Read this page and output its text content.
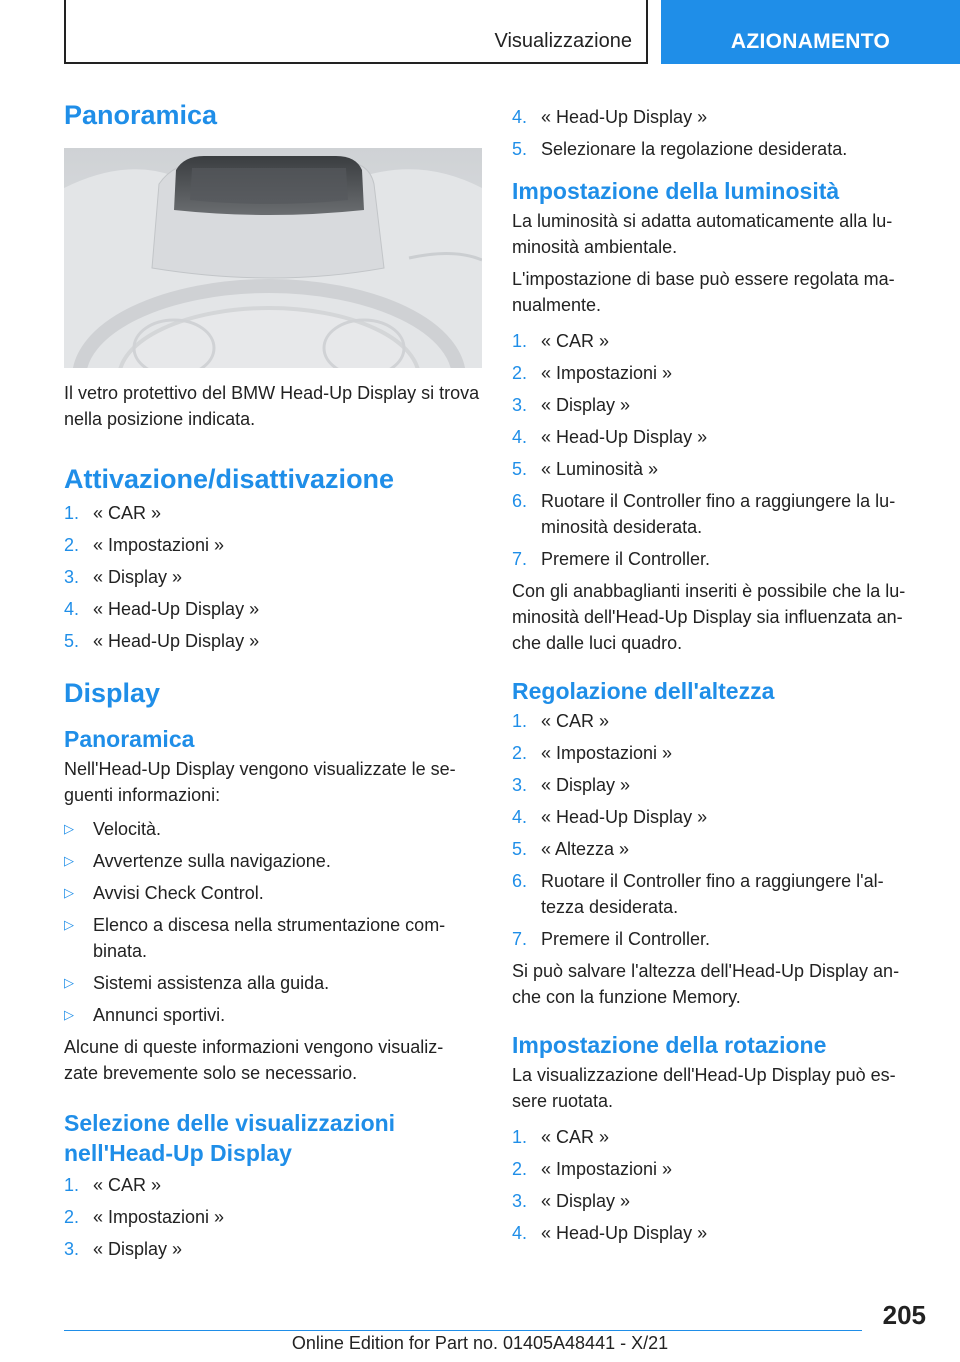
Visualizzazione	AZIONAMENTO
Panoramica

Il vetro protettivo del BMW Head-Up Display si trova nella posizione indicata.

Attivazione/disattivazione
1. « CAR »
2. « Impostazioni »
3. « Display »
4. « Head-Up Display »
5. « Head-Up Display »
Display
Panoramica

Nell'Head-Up Display vengono visualizzate le se- guenti informazioni:

▷	Velocità.
▷	Avvertenze sulla navigazione.
▷	Avvisi Check Control.
▷	Elenco a discesa nella strumentazione com- binata.
▷	Sistemi assistenza alla guida.
▷	Annunci sportivi.

Alcune di queste informazioni vengono visualiz- zate brevemente solo se necessario.

Selezione delle visualizzazioni nell'Head-Up Display
1. « CAR »
2. « Impostazioni »
3. « Display »
4. « Head-Up Display »
5. Selezionare la regolazione desiderata.
Impostazione della luminosità

La luminosità si adatta automaticamente alla lu- minosità ambientale.

L'impostazione di base può essere regolata ma- nualmente.

1. « CAR »
2. « Impostazioni »
3. « Display »
4. « Head-Up Display »
5. « Luminosità »
6. Ruotare il Controller fino a raggiungere la lu- minosità desiderata.
7. Premere il Controller.

Con gli anabbaglianti inseriti è possibile che la lu- minosità dell'Head-Up Display sia influenzata an- che dalle luci quadro.

Regolazione dell'altezza
1. « CAR »
2. « Impostazioni »
3. « Display »
4. « Head-Up Display »
5. « Altezza »
6. Ruotare il Controller fino a raggiungere l'al- tezza desiderata.
7. Premere il Controller.

Si può salvare l'altezza dell'Head-Up Display an- che con la funzione Memory.

Impostazione della rotazione

La visualizzazione dell'Head-Up Display può es- sere ruotata.

1. « CAR »
2. « Impostazioni »
3. « Display »
4. « Head-Up Display »
205
Online Edition for Part no. 01405A48441 - X/21
